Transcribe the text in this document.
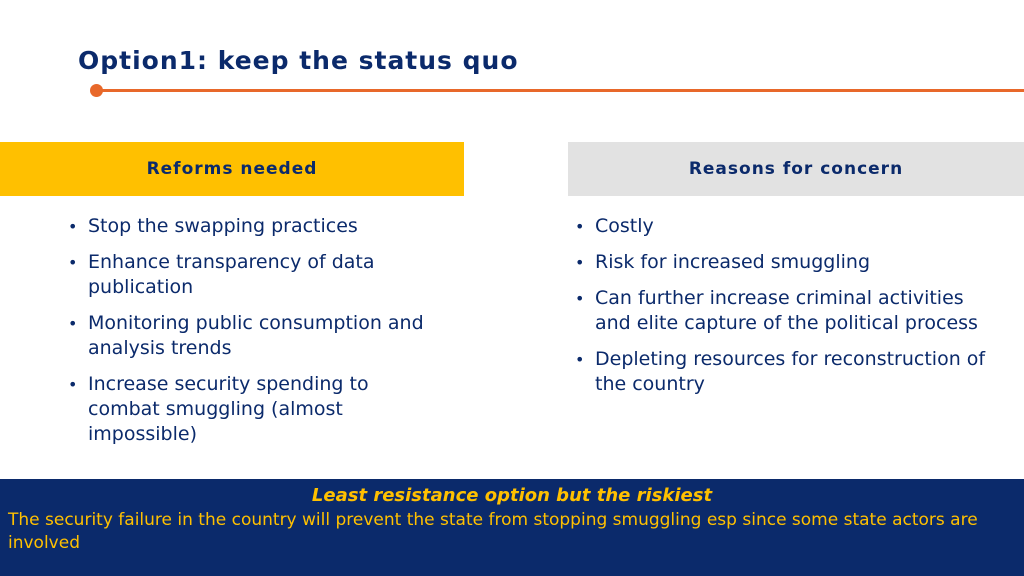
Option1: keep the status quo
Reforms needed	Reasons for concern
• Stop the swapping practices
• Enhance transparency of data publication
• Monitoring public consumption and analysis trends
• Increase security spending to combat smuggling (almost impossible)
• Costly
• Risk for increased smuggling
• Can further increase criminal activities and elite capture of the political process
• Depleting resources for reconstruction of the country
Least resistance option but the riskiest
The security failure in the country will prevent the state from stopping smuggling esp since some state actors are involved
